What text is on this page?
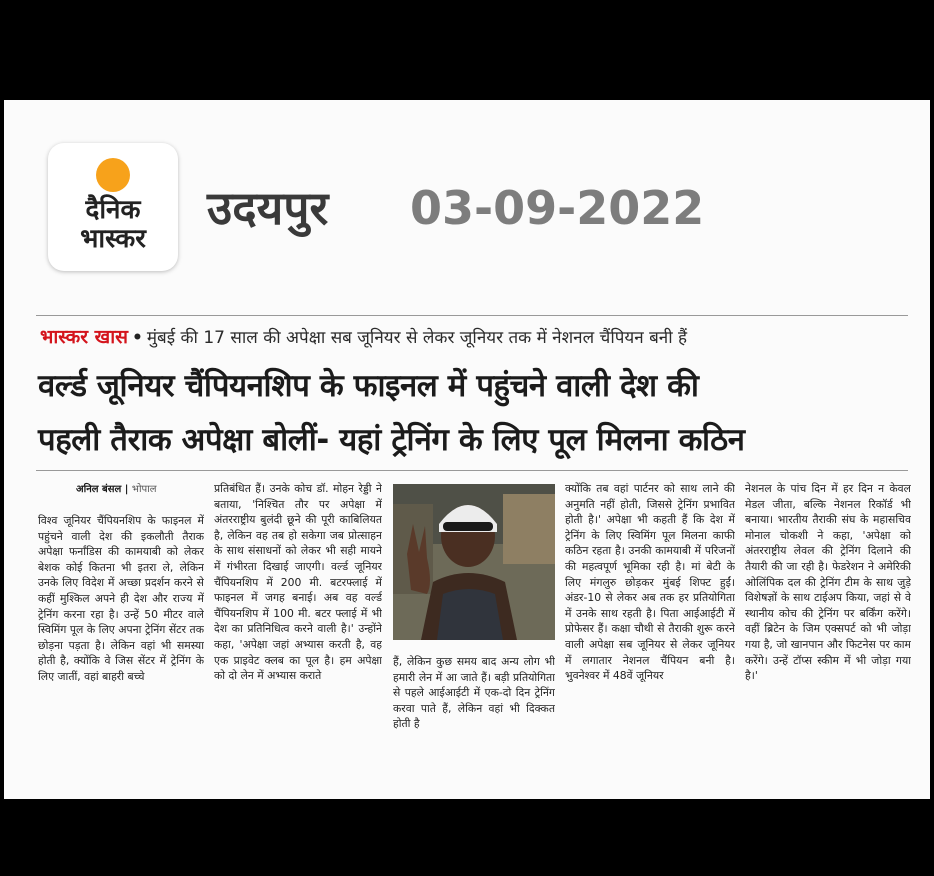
दैनिक
भास्कर
उदयपुर 03-09-2022
भास्कर खास • मुंबई की 17 साल की अपेक्षा सब जूनियर से लेकर जूनियर तक में नेशनल चैंपियन बनी हैं
वर्ल्ड जूनियर चैंपियनशिप के फाइनल में पहुंचने वाली देश की
पहली तैराक अपेक्षा बोलीं- यहां ट्रेनिंग के लिए पूल मिलना कठिन
अनिल बंसल | भोपाल
विश्व जूनियर चैंपियनशिप के फाइनल में पहुंचने वाली देश की इकलौती तैराक अपेक्षा फर्नांडिस की कामयाबी को लेकर बेशक कोई कितना भी इतरा ले, लेकिन उनके लिए विदेश में अच्छा प्रदर्शन करने से कहीं मुश्किल अपने ही देश और राज्य में ट्रेनिंग करना रहा है। उन्हें 50 मीटर वाले स्विमिंग पूल के लिए अपना ट्रेनिंग सेंटर तक छोड़ना पड़ता है। लेकिन वहां भी समस्या होती है, क्योंकि वे जिस सेंटर में ट्रेनिंग के लिए जातीं, वहां बाहरी बच्चे
प्रतिबंधित हैं। उनके कोच डॉ. मोहन रेड्डी ने बताया, 'निश्चित तौर पर अपेक्षा में अंतरराष्ट्रीय बुलंदी छूने की पूरी काबिलियत है, लेकिन वह तब हो सकेगा जब प्रोत्साहन के साथ संसाधनों को लेकर भी सही मायने में गंभीरता दिखाई जाएगी। वर्ल्ड जूनियर चैंपियनशिप में 200 मी. बटरफ्लाई में फाइनल में जगह बनाई। अब वह वर्ल्ड चैंपियनशिप में 100 मी. बटर फ्लाई में भी देश का प्रतिनिधित्व करने वाली है।' उन्होंने कहा, 'अपेक्षा जहां अभ्यास करती है, वह एक प्राइवेट क्लब का पूल है। हम अपेक्षा को दो लेन में अभ्यास कराते
हैं, लेकिन कुछ समय बाद अन्य लोग भी हमारी लेन में आ जाते हैं। बड़ी प्रतियोगिता से पहले आईआईटी में एक-दो दिन ट्रेनिंग करवा पाते हैं, लेकिन वहां भी दिक्कत होती है
क्योंकि तब वहां पार्टनर को साथ लाने की अनुमति नहीं होती, जिससे ट्रेनिंग प्रभावित होती है।' अपेक्षा भी कहती हैं कि देश में ट्रेनिंग के लिए स्विमिंग पूल मिलना काफी कठिन रहता है। उनकी कामयाबी में परिजनों की महत्वपूर्ण भूमिका रही है। मां बेटी के लिए मंगलुरु छोड़कर मुंबई शिफ्ट हुईं। अंडर-10 से लेकर अब तक हर प्रतियोगिता में उनके साथ रहती है। पिता आईआईटी में प्रोफेसर हैं। कक्षा चौथी से तैराकी शुरू करने वाली अपेक्षा सब जूनियर से लेकर जूनियर में लगातार नेशनल चैंपियन बनी है। भुवनेश्वर में 48वें जूनियर
नेशनल के पांच दिन में हर दिन न केवल मेडल जीता, बल्कि नेशनल रिकॉर्ड भी बनाया। भारतीय तैराकी संघ के महासचिव मोनाल चोकशी ने कहा, 'अपेक्षा को अंतरराष्ट्रीय लेवल की ट्रेनिंग दिलाने की तैयारी की जा रही है। फेडरेशन ने अमेरिकी ओलिंपिक दल की ट्रेनिंग टीम के साथ जुड़े विशेषज्ञों के साथ टाईअप किया, जहां से वे स्थानीय कोच की ट्रेनिंग पर बर्किंग करेंगे। वहीं ब्रिटेन के जिम एक्सपर्ट को भी जोड़ा गया है, जो खानपान और फिटनेस पर काम करेंगे। उन्हें टॉप्स स्कीम में भी जोड़ा गया है।'
